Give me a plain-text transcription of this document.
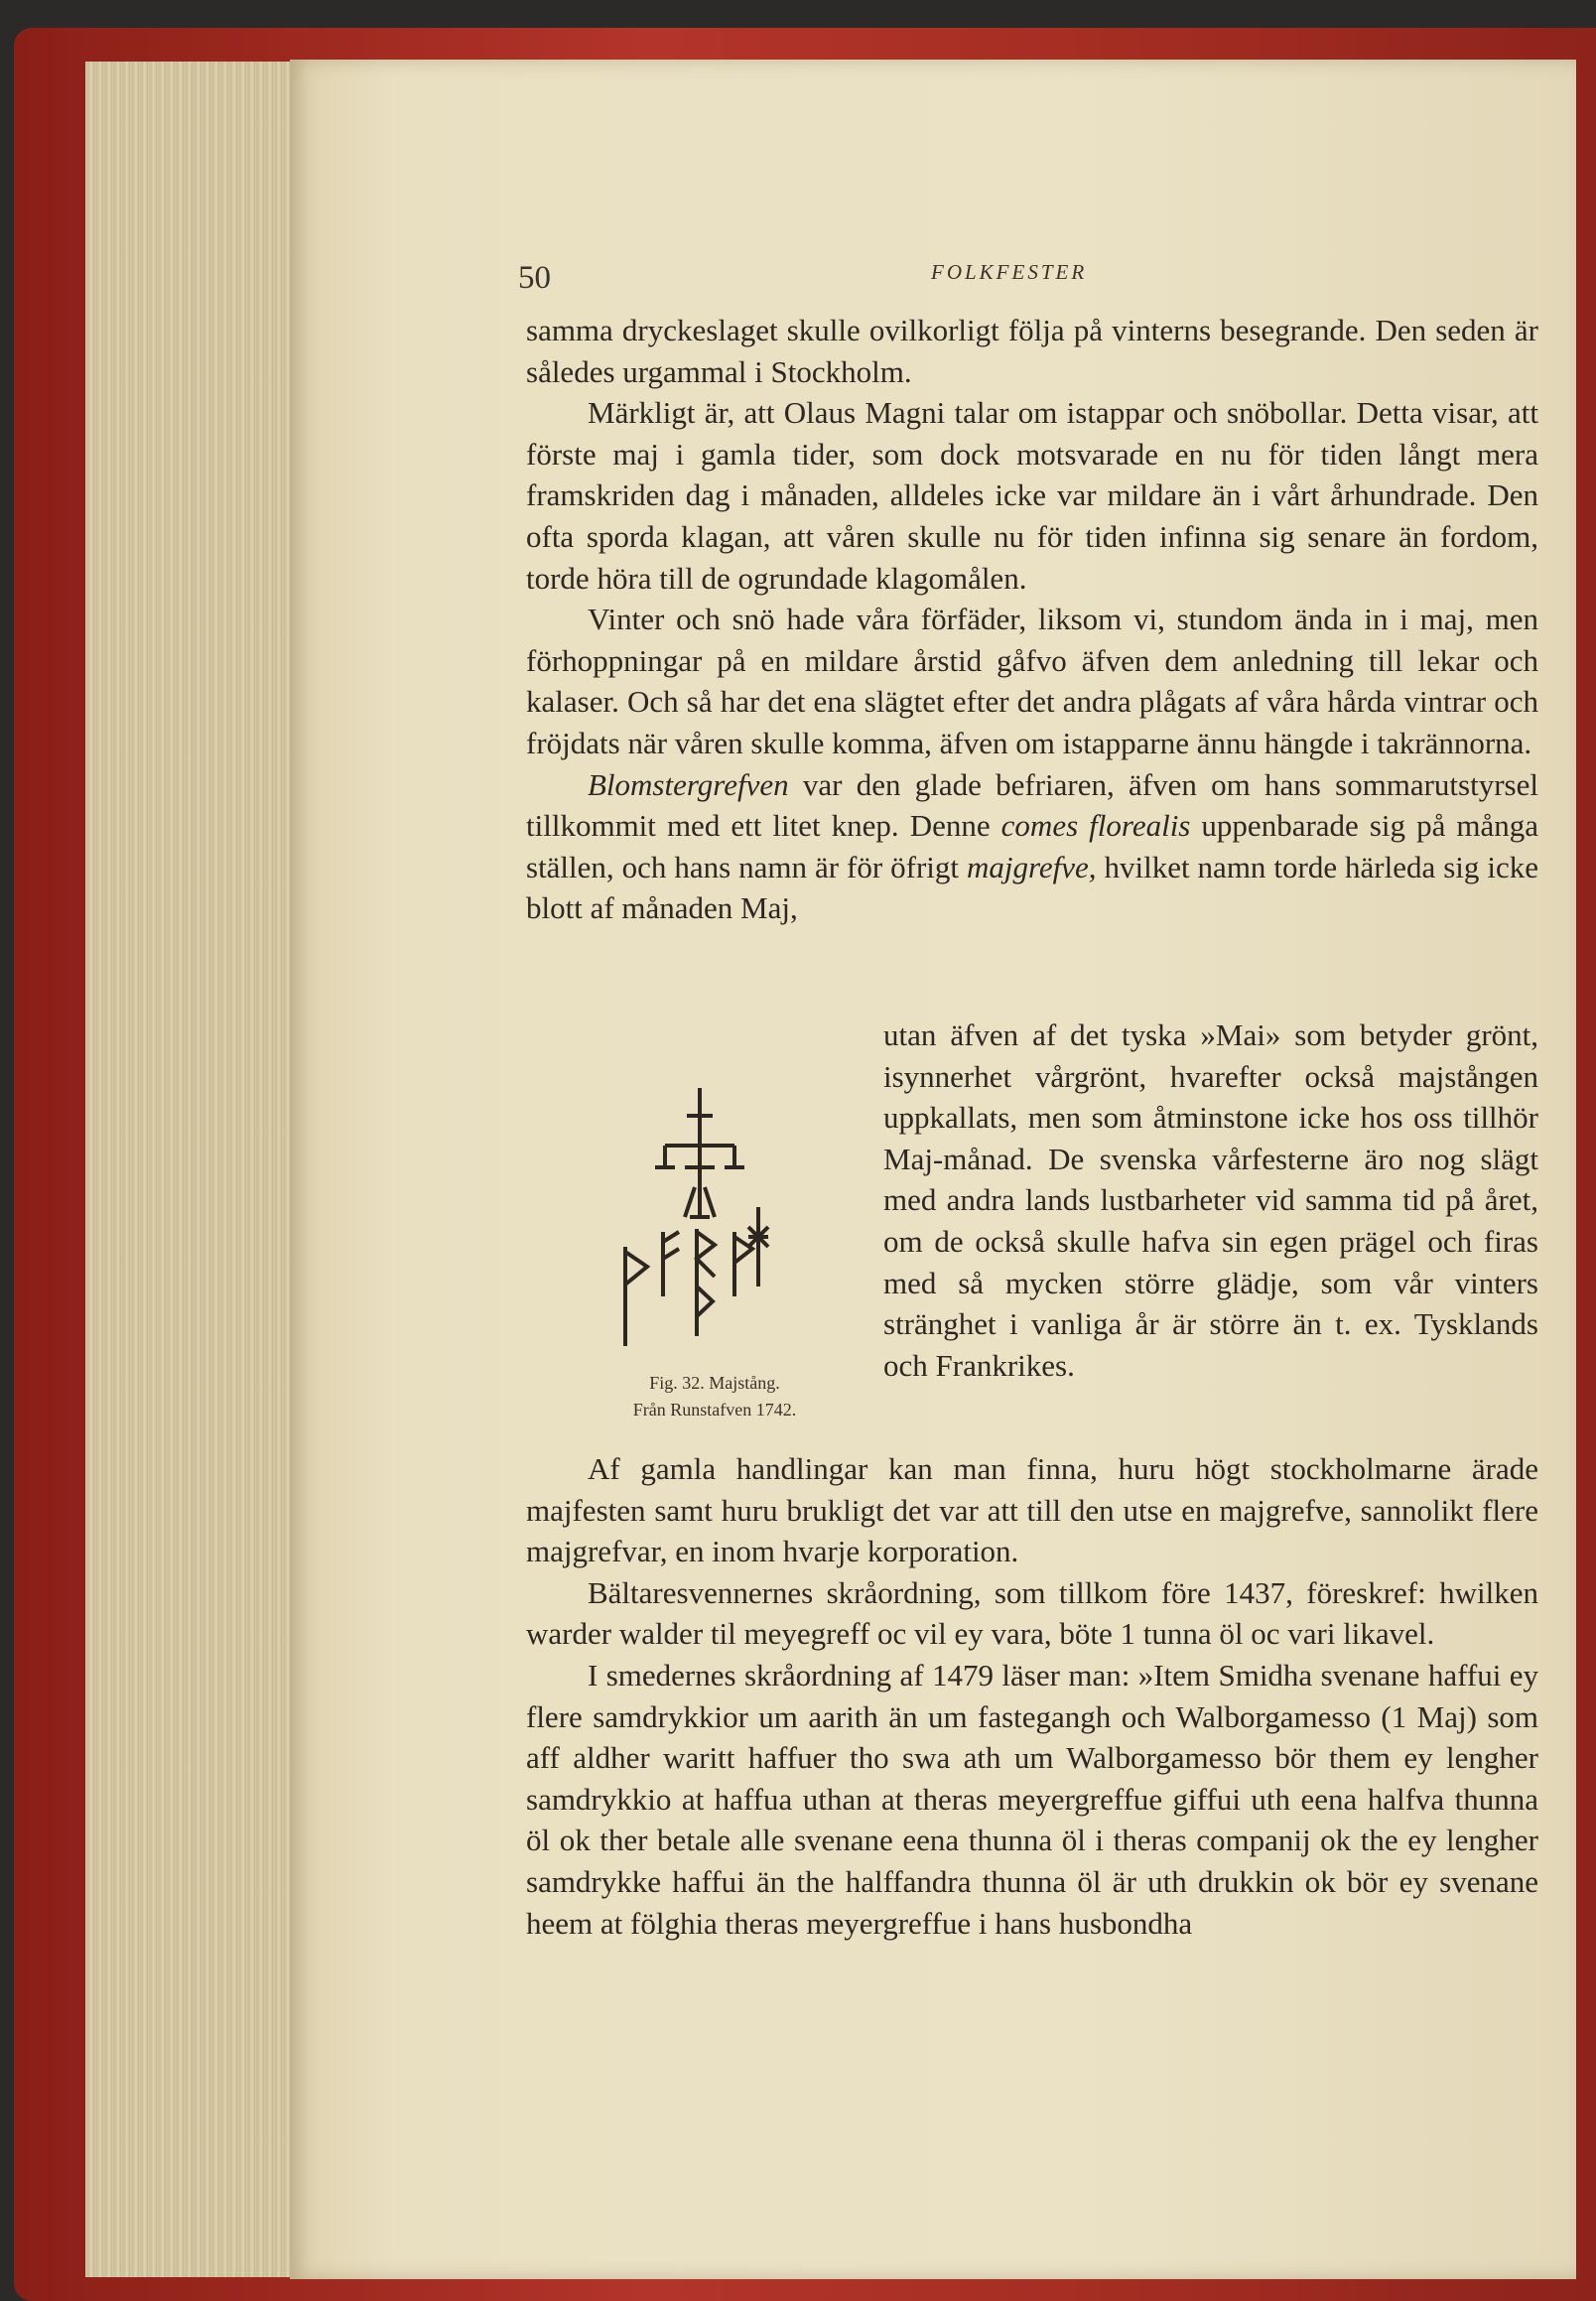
50	FOLKFESTER

samma dryckeslaget skulle ovilkorligt följa på vinterns besegrande. Den seden är således urgammal i Stockholm.

Märkligt är, att Olaus Magni talar om istappar och snöbollar. Detta visar, att förste maj i gamla tider, som dock motsvarade en nu för tiden långt mera framskriden dag i månaden, alldeles icke var mildare än i vårt århundrade. Den ofta sporda klagan, att våren skulle nu för tiden infinna sig senare än fordom, torde höra till de ogrundade klagomålen.

Vinter och snö hade våra förfäder, liksom vi, stundom ända in i maj, men förhoppningar på en mildare årstid gåfvo äfven dem anledning till lekar och kalaser. Och så har det ena slägtet efter det andra plågats af våra hårda vintrar och fröjdats när våren skulle komma, äfven om istapparne ännu hängde i takrännorna.

Blomstergrefven var den glade befriaren, äfven om hans sommarutstyrsel tillkommit med ett litet knep. Denne comes florealis uppenbarade sig på många ställen, och hans namn är för öfrigt majgrefve, hvilket namn torde härleda sig icke blott af månaden Maj,

utan äfven af det tyska »Mai» som betyder grönt, isynnerhet vårgrönt, hvarefter också majstången uppkallats, men som åtminstone icke hos oss tillhör Maj-månad. De svenska vårfesterne äro nog slägt med andra lands lustbarheter vid samma tid på året, om de också skulle hafva sin egen prägel och firas med så mycken större glädje, som vår vinters stränghet i vanliga år är större än t. ex. Tysklands och Frankrikes.
Fig. 32. Majstång.
Från Runstafven 1742.

Af gamla handlingar kan man finna, huru högt stockholmarne ärade majfesten samt huru brukligt det var att till den utse en majgrefve, sannolikt flere majgrefvar, en inom hvarje korporation.

Bältaresvennernes skråordning, som tillkom före 1437, föreskref: hwilken warder walder til meyegreff oc vil ey vara, böte 1 tunna öl oc vari likavel.

I smedernes skråordning af 1479 läser man: »Item Smidha svenane haffui ey flere samdrykkior um aarith än um fastegangh och Walborgamesso (1 Maj) som aff aldher waritt haffuer tho swa ath um Walborgamesso bör them ey lengher samdrykkio at haffua uthan at theras meyergreffue giffui uth eena halfva thunna öl ok ther betale alle svenane eena thunna öl i theras companij ok the ey lengher samdrykke haffui än the halffandra thunna öl är uth drukkin ok bör ey svenane heem at fölghia theras meyergreffue i hans husbondha
